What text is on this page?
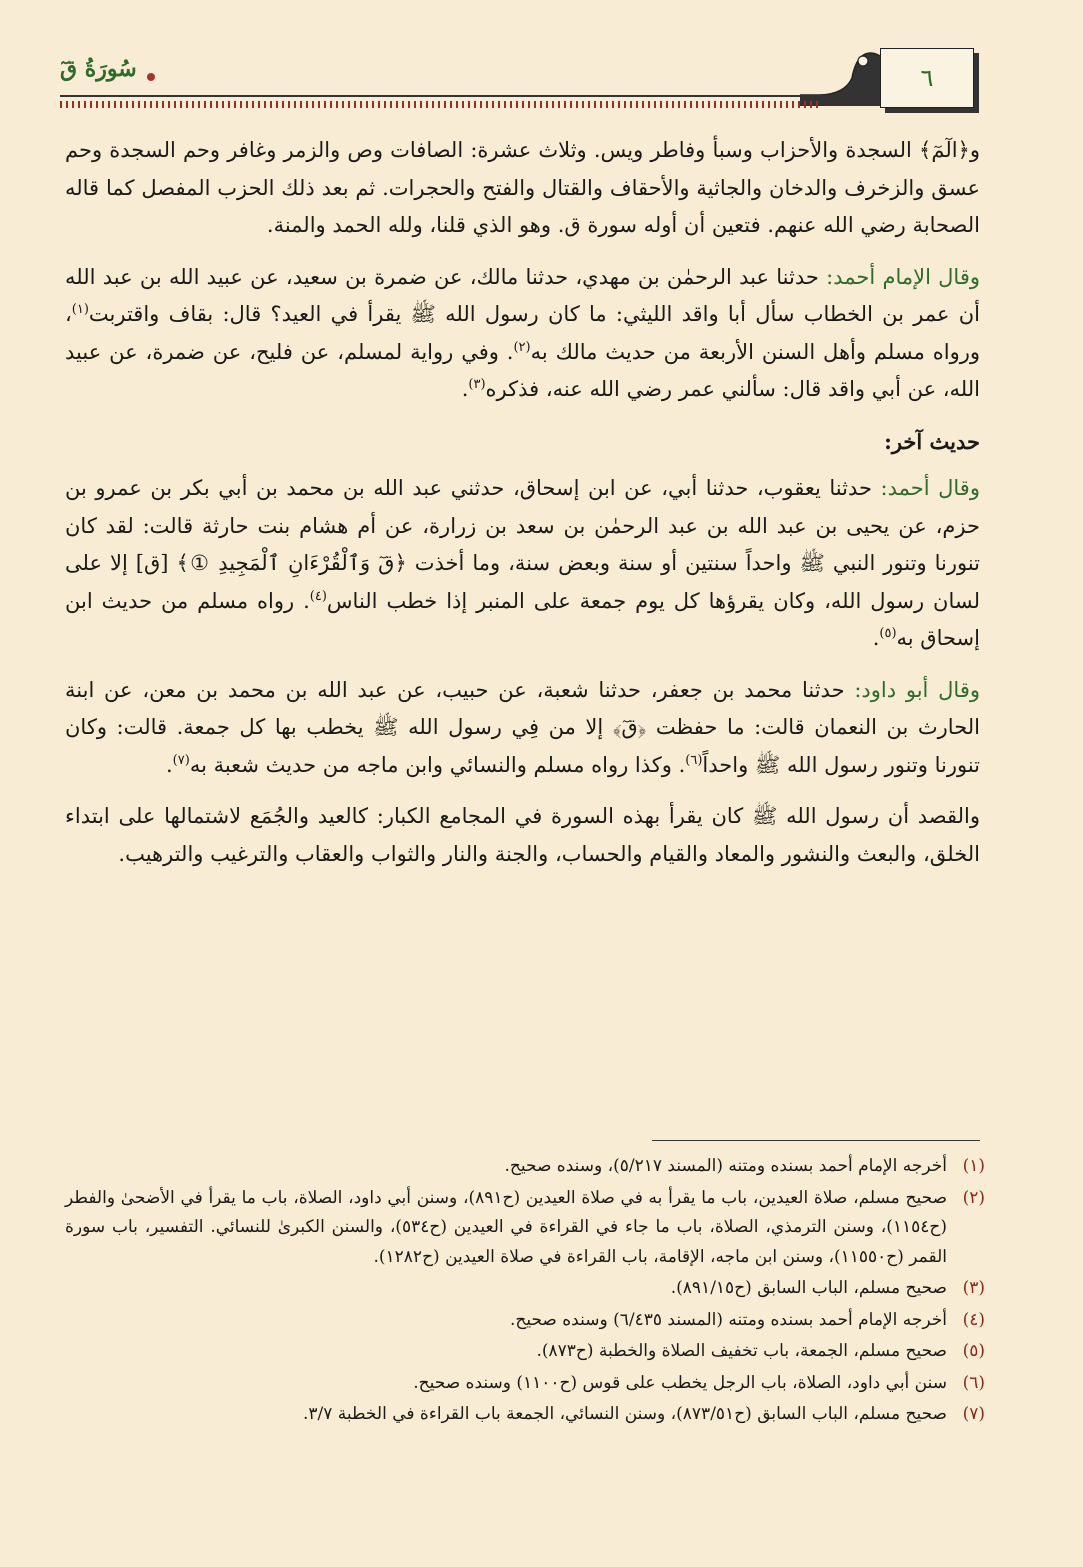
٦
سُورَةُ قٓ

و﴿الٓمٓ﴾ السجدة والأحزاب وسبأ وفاطر ويس. وثلاث عشرة: الصافات وص والزمر وغافر وحم السجدة وحم عسق والزخرف والدخان والجاثية والأحقاف والقتال والفتح والحجرات. ثم بعد ذلك الحزب المفصل كما قاله الصحابة رضي الله عنهم. فتعين أن أوله سورة ق. وهو الذي قلنا، ولله الحمد والمنة.

وقال الإمام أحمد: حدثنا عبد الرحمٰن بن مهدي، حدثنا مالك، عن ضمرة بن سعيد، عن عبيد الله بن عبد الله أن عمر بن الخطاب سأل أبا واقد الليثي: ما كان رسول الله ﷺ يقرأ في العيد؟ قال: بقاف واقتربت$^{(١)}$، ورواه مسلم وأهل السنن الأربعة من حديث مالك به$^{(٢)}$. وفي رواية لمسلم، عن فليح، عن ضمرة، عن عبيد الله، عن أبي واقد قال: سألني عمر رضي الله عنه، فذكره$^{(٣)}$.

حديث آخر:

وقال أحمد: حدثنا يعقوب، حدثنا أبي، عن ابن إسحاق، حدثني عبد الله بن محمد بن أبي بكر بن عمرو بن حزم، عن يحيى بن عبد الله بن عبد الرحمٰن بن سعد بن زرارة، عن أم هشام بنت حارثة قالت: لقد كان تنورنا وتنور النبي ﷺ واحداً سنتين أو سنة وبعض سنة، وما أخذت ﴿قٓ وَٱلْقُرْءَانِ ٱلْمَجِيدِ ①﴾ [ق] إلا على لسان رسول الله، وكان يقرؤها كل يوم جمعة على المنبر إذا خطب الناس$^{(٤)}$. رواه مسلم من حديث ابن إسحاق به$^{(٥)}$.

وقال أبو داود: حدثنا محمد بن جعفر، حدثنا شعبة، عن حبيب، عن عبد الله بن محمد بن معن، عن ابنة الحارث بن النعمان قالت: ما حفظت ﴿قٓ﴾ إلا من فِي رسول الله ﷺ يخطب بها كل جمعة. قالت: وكان تنورنا وتنور رسول الله ﷺ واحداً$^{(٦)}$. وكذا رواه مسلم والنسائي وابن ماجه من حديث شعبة به$^{(٧)}$.

والقصد أن رسول الله ﷺ كان يقرأ بهذه السورة في المجامع الكبار: كالعيد والجُمَع لاشتمالها على ابتداء الخلق، والبعث والنشور والمعاد والقيام والحساب، والجنة والنار والثواب والعقاب والترغيب والترهيب.

(١)
أخرجه الإمام أحمد بسنده ومتنه (المسند ٥/٢١٧)، وسنده صحيح.
(٢)
صحيح مسلم، صلاة العيدين، باب ما يقرأ به في صلاة العيدين (ح٨٩١)، وسنن أبي داود، الصلاة، باب ما يقرأ في الأضحىٰ والفطر (ح١١٥٤)، وسنن الترمذي، الصلاة، باب ما جاء في القراءة في العيدين (ح٥٣٤)، والسنن الكبرىٰ للنسائي. التفسير، باب سورة القمر (ح١١٥٥٠)، وسنن ابن ماجه، الإقامة، باب القراءة في صلاة العيدين (ح١٢٨٢).
(٣)
صحيح مسلم، الباب السابق (ح٨٩١/١٥).
(٤)
أخرجه الإمام أحمد بسنده ومتنه (المسند ٦/٤٣٥) وسنده صحيح.
(٥)
صحيح مسلم، الجمعة، باب تخفيف الصلاة والخطبة (ح٨٧٣).
(٦)
سنن أبي داود، الصلاة، باب الرجل يخطب على قوس (ح١١٠٠) وسنده صحيح.
(٧)
صحيح مسلم، الباب السابق (ح٨٧٣/٥١)، وسنن النسائي، الجمعة باب القراءة في الخطبة ٣/٧.
